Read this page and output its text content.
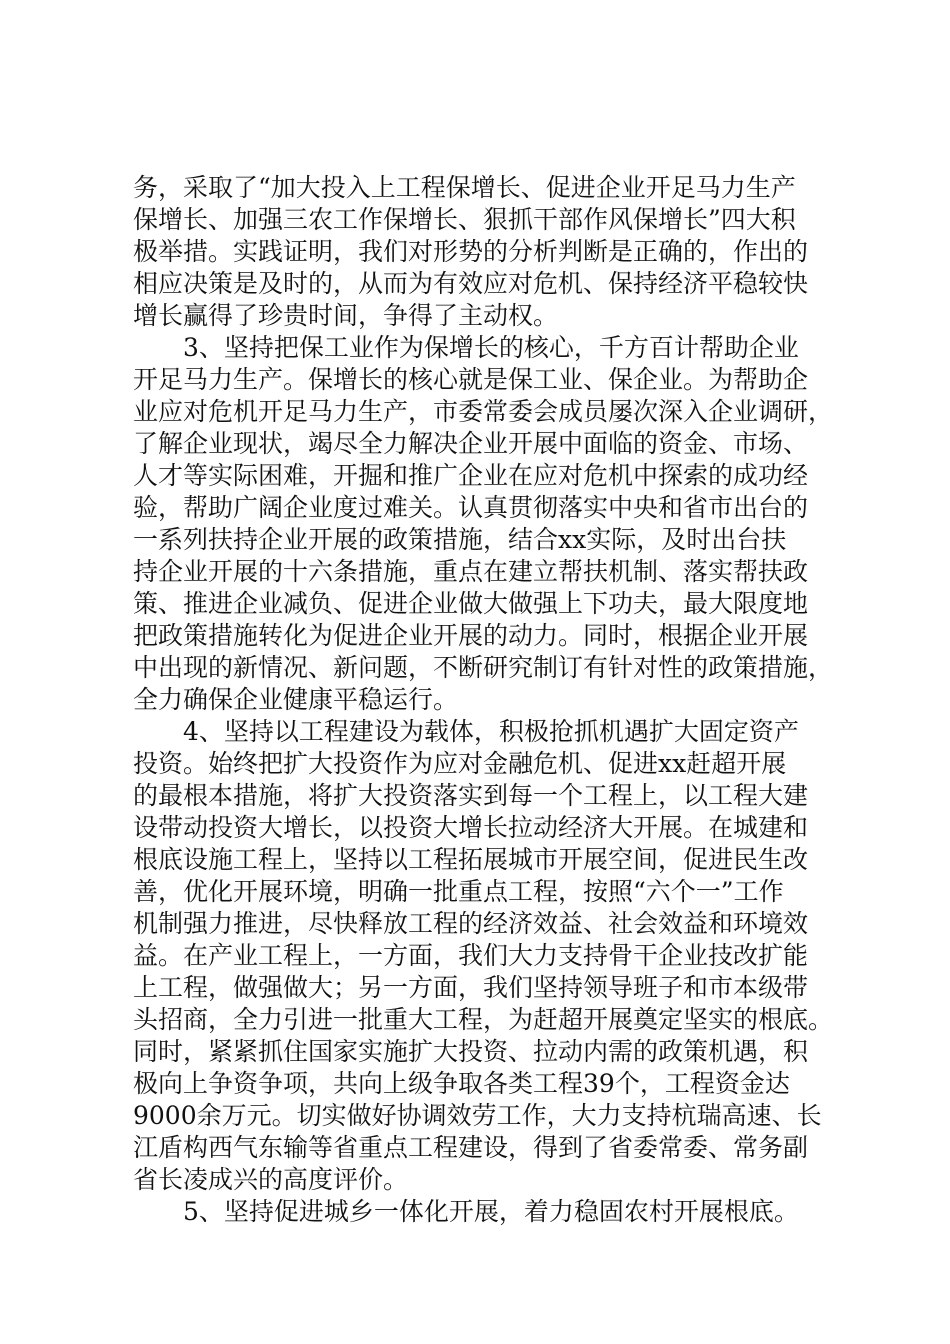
务，采取了“加大投入上工程保增长、促进企业开足马力生产
保增长、加强三农工作保增长、狠抓干部作风保增长”四大积
极举措。实践证明，我们对形势的分析判断是正确的，作出的
相应决策是及时的，从而为有效应对危机、保持经济平稳较快
增长赢得了珍贵时间，争得了主动权。
　　3、坚持把保工业作为保增长的核心，千方百计帮助企业
开足马力生产。保增长的核心就是保工业、保企业。为帮助企
业应对危机开足马力生产，市委常委会成员屡次深入企业调研，
了解企业现状，竭尽全力解决企业开展中面临的资金、市场、
人才等实际困难，开掘和推广企业在应对危机中探索的成功经
验，帮助广阔企业度过难关。认真贯彻落实中央和省市出台的
一系列扶持企业开展的政策措施，结合xx实际，及时出台扶
持企业开展的十六条措施，重点在建立帮扶机制、落实帮扶政
策、推进企业减负、促进企业做大做强上下功夫，最大限度地
把政策措施转化为促进企业开展的动力。同时，根据企业开展
中出现的新情况、新问题，不断研究制订有针对性的政策措施，
全力确保企业健康平稳运行。
　　4、坚持以工程建设为载体，积极抢抓机遇扩大固定资产
投资。始终把扩大投资作为应对金融危机、促进xx赶超开展
的最根本措施，将扩大投资落实到每一个工程上，以工程大建
设带动投资大增长，以投资大增长拉动经济大开展。在城建和
根底设施工程上，坚持以工程拓展城市开展空间，促进民生改
善，优化开展环境，明确一批重点工程，按照“六个一”工作
机制强力推进，尽快释放工程的经济效益、社会效益和环境效
益。在产业工程上，一方面，我们大力支持骨干企业技改扩能
上工程，做强做大；另一方面，我们坚持领导班子和市本级带
头招商，全力引进一批重大工程，为赶超开展奠定坚实的根底。
同时，紧紧抓住国家实施扩大投资、拉动内需的政策机遇，积
极向上争资争项，共向上级争取各类工程39个，工程资金达
9000余万元。切实做好协调效劳工作，大力支持杭瑞高速、长
江盾构西气东输等省重点工程建设，得到了省委常委、常务副
省长凌成兴的高度评价。
　　5、坚持促进城乡一体化开展，着力稳固农村开展根底。
